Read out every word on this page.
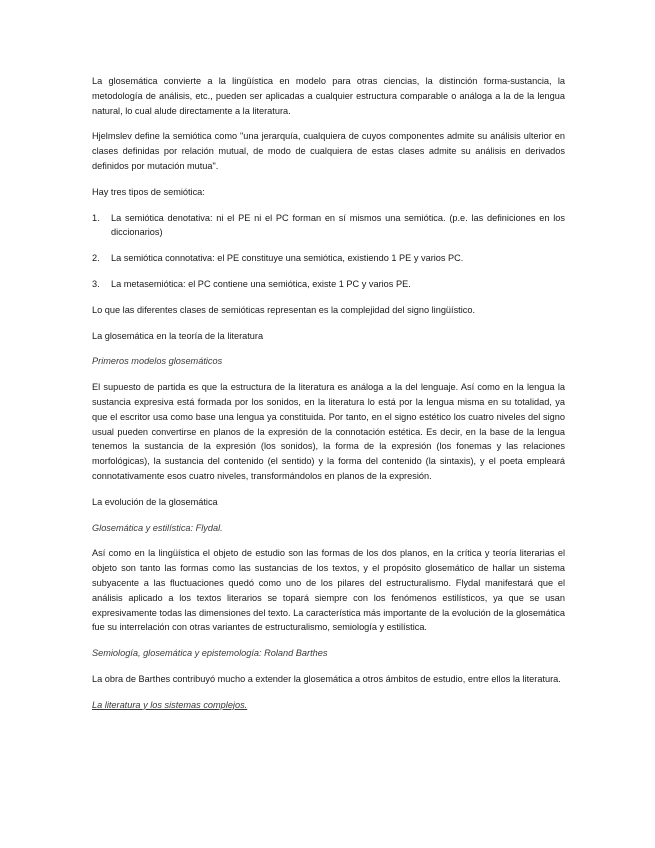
La glosemática convierte a la lingüística en modelo para otras ciencias, la distinción forma-sustancia, la metodología de análisis, etc., pueden ser aplicadas a cualquier estructura comparable o análoga a la de la lengua natural, lo cual alude directamente a la literatura.

Hjelmslev define la semiótica como "una jerarquía, cualquiera de cuyos componentes admite su análisis ulterior en clases definidas por relación mutual, de modo de cualquiera de estas clases admite su análisis en derivados definidos por mutación mutua".

Hay tres tipos de semiótica:

1. La semiótica denotativa: ni el PE ni el PC forman en sí mismos una semiótica. (p.e. las definiciones en los diccionarios)
2. La semiótica connotativa: el PE constituye una semiótica, existiendo 1 PE y varios PC.
3. La metasemiótica: el PC contiene una semiótica, existe 1 PC y varios PE.

Lo que las diferentes clases de semióticas representan es la complejidad del signo lingüístico.

La glosemática en la teoría de la literatura
Primeros modelos glosemáticos

El supuesto de partida es que la estructura de la literatura es análoga a la del lenguaje. Así como en la lengua la sustancia expresiva está formada por los sonidos, en la literatura lo está por la lengua misma en su totalidad, ya que el escritor usa como base una lengua ya constituida. Por tanto, en el signo estético los cuatro niveles del signo usual pueden convertirse en planos de la expresión de la connotación estética. Es decir, en la base de la lengua tenemos la sustancia de la expresión (los sonidos), la forma de la expresión (los fonemas y las relaciones morfológicas), la sustancia del contenido (el sentido) y la forma del contenido (la sintaxis), y el poeta empleará connotativamente esos cuatro niveles, transformándolos en planos de la expresión.

La evolución de la glosemática
Glosemática y estilística: Flydal.

Así como en la lingüística el objeto de estudio son las formas de los dos planos, en la crítica y teoría literarias el objeto son tanto las formas como las sustancias de los textos, y el propósito glosemático de hallar un sistema subyacente a las fluctuaciones quedó como uno de los pilares del estructuralismo. Flydal manifestará que el análisis aplicado a los textos literarios se topará siempre con los fenómenos estilísticos, ya que se usan expresivamente todas las dimensiones del texto. La característica más importante de la evolución de la glosemática fue su interrelación con otras variantes de estructuralismo, semiología y estilística.

Semiología, glosemática y epistemología: Roland Barthes

La obra de Barthes contribuyó mucho a extender la glosemática a otros ámbitos de estudio, entre ellos la literatura.

La literatura y los sistemas complejos.
